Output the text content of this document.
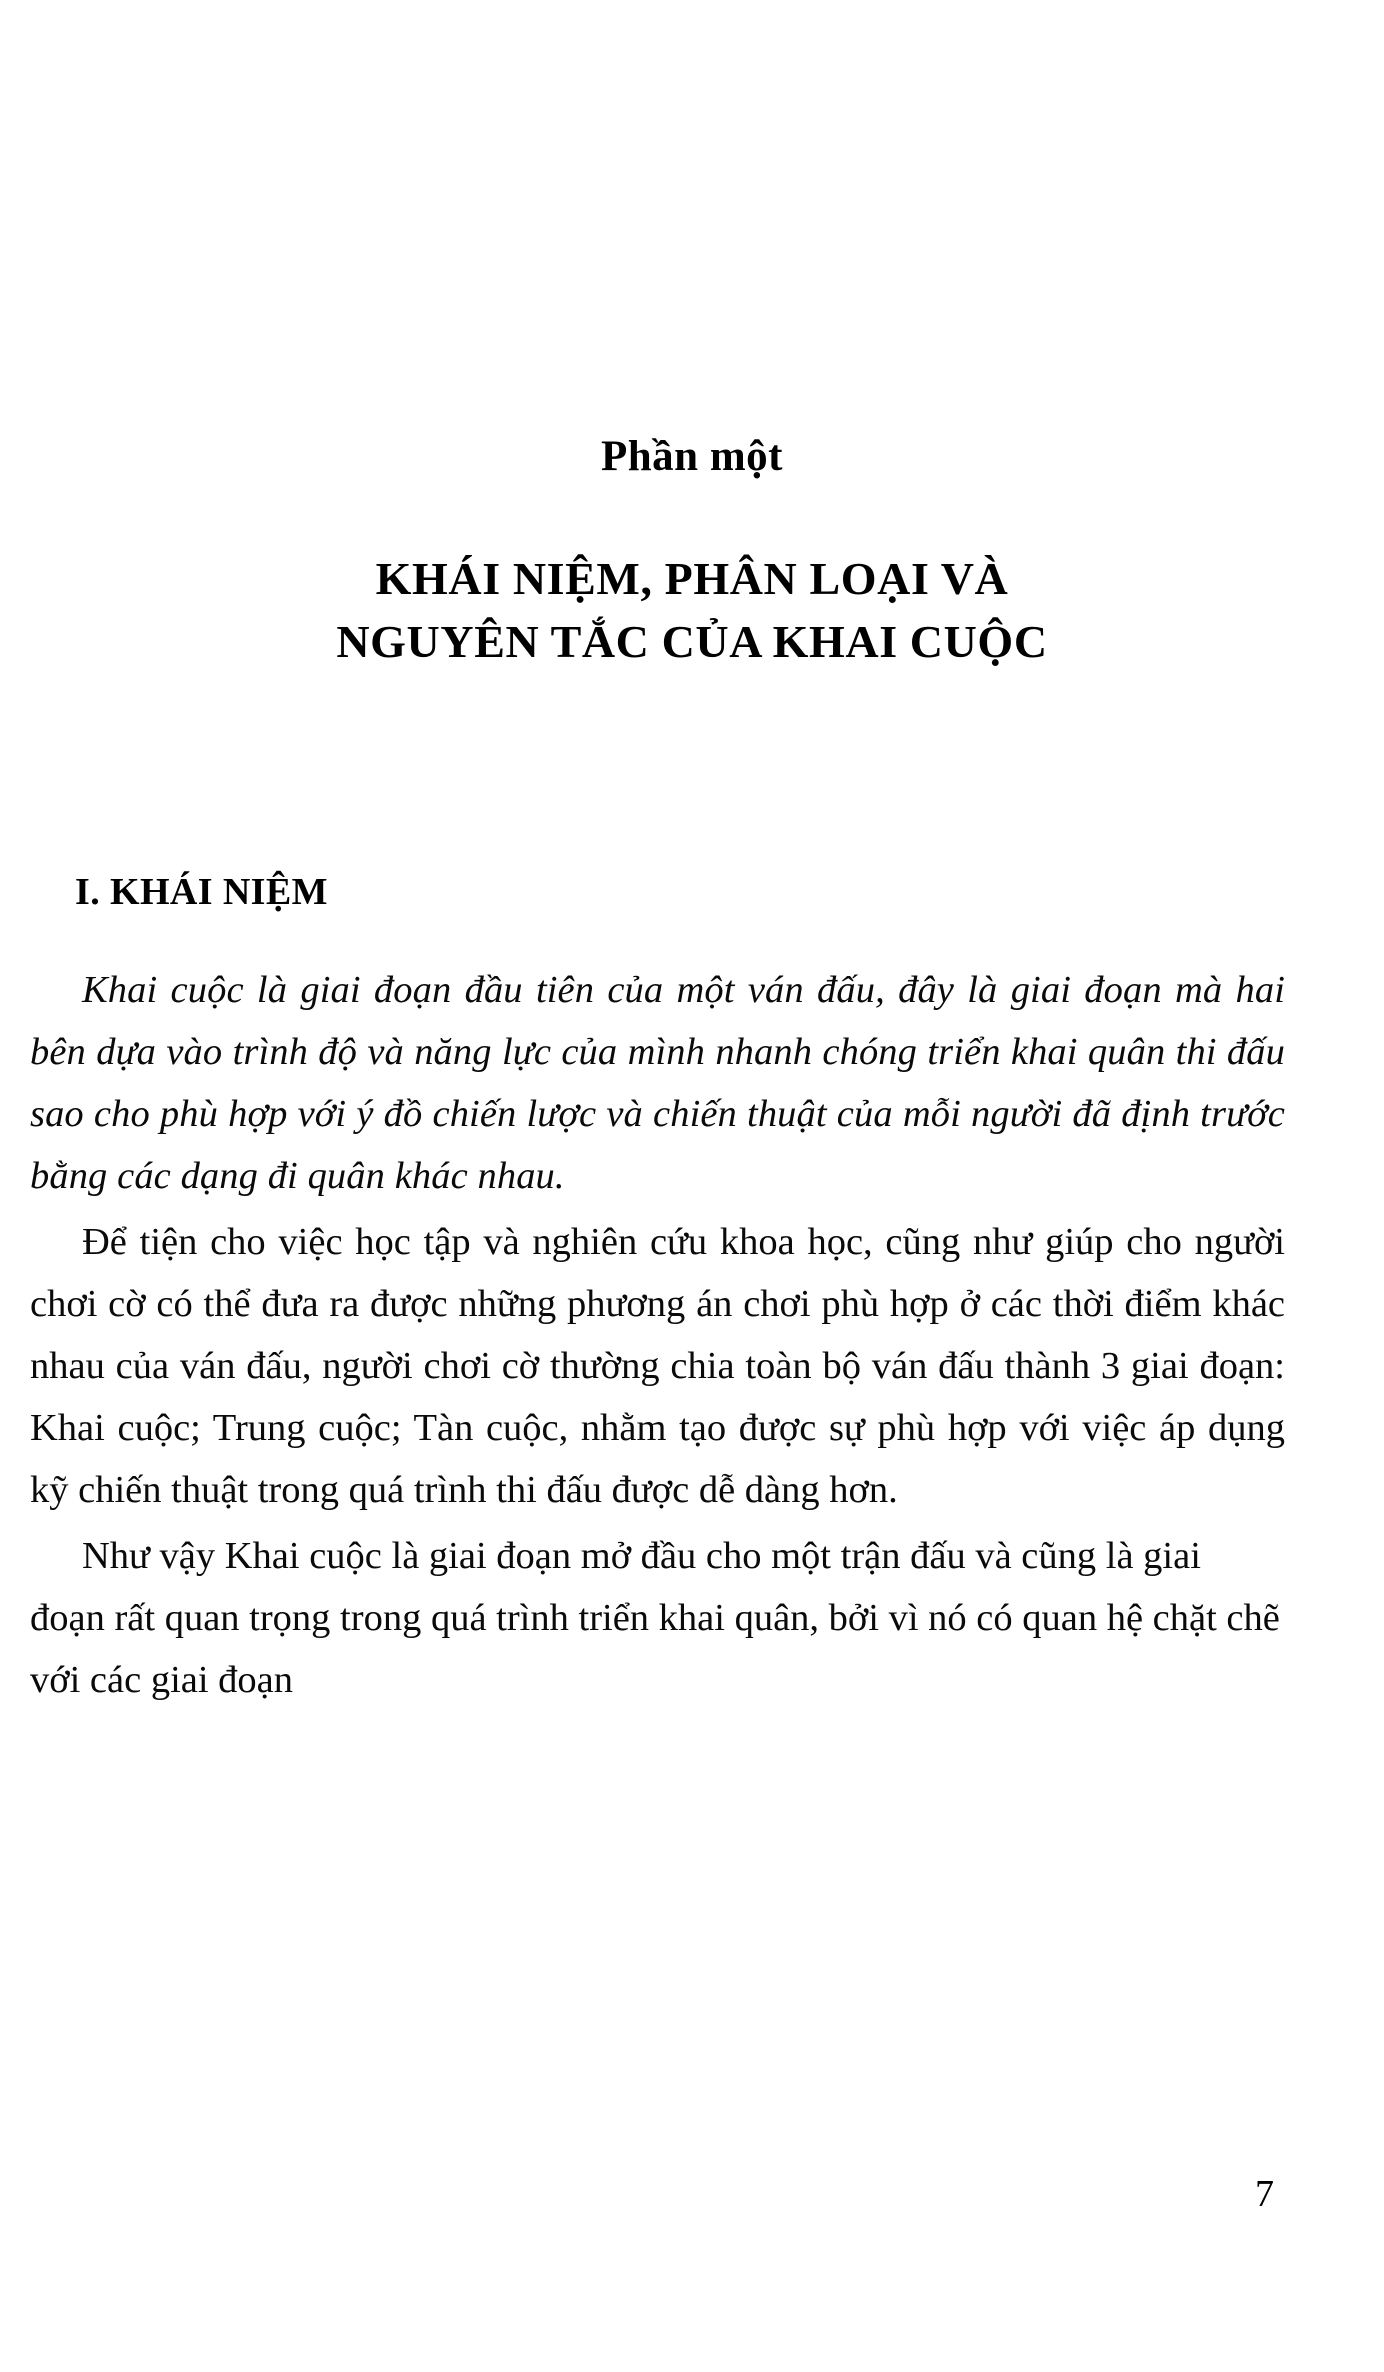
Phần một
KHÁI NIỆM, PHÂN LOẠI VÀ
NGUYÊN TẮC CỦA KHAI CUỘC
I. KHÁI NIỆM

Khai cuộc là giai đoạn đầu tiên của một ván đấu, đây là giai đoạn mà hai bên dựa vào trình độ và năng lực của mình nhanh chóng triển khai quân thi đấu sao cho phù hợp với ý đồ chiến lược và chiến thuật của mỗi người đã định trước bằng các dạng đi quân khác nhau.

Để tiện cho việc học tập và nghiên cứu khoa học, cũng như giúp cho người chơi cờ có thể đưa ra được những phương án chơi phù hợp ở các thời điểm khác nhau của ván đấu, người chơi cờ thường chia toàn bộ ván đấu thành 3 giai đoạn: Khai cuộc; Trung cuộc; Tàn cuộc, nhằm tạo được sự phù hợp với việc áp dụng kỹ chiến thuật trong quá trình thi đấu được dễ dàng hơn.

Như vậy Khai cuộc là giai đoạn mở đầu cho một trận đấu và cũng là giai đoạn rất quan trọng trong quá trình triển khai quân, bởi vì nó có quan hệ chặt chẽ với các giai đoạn

7
